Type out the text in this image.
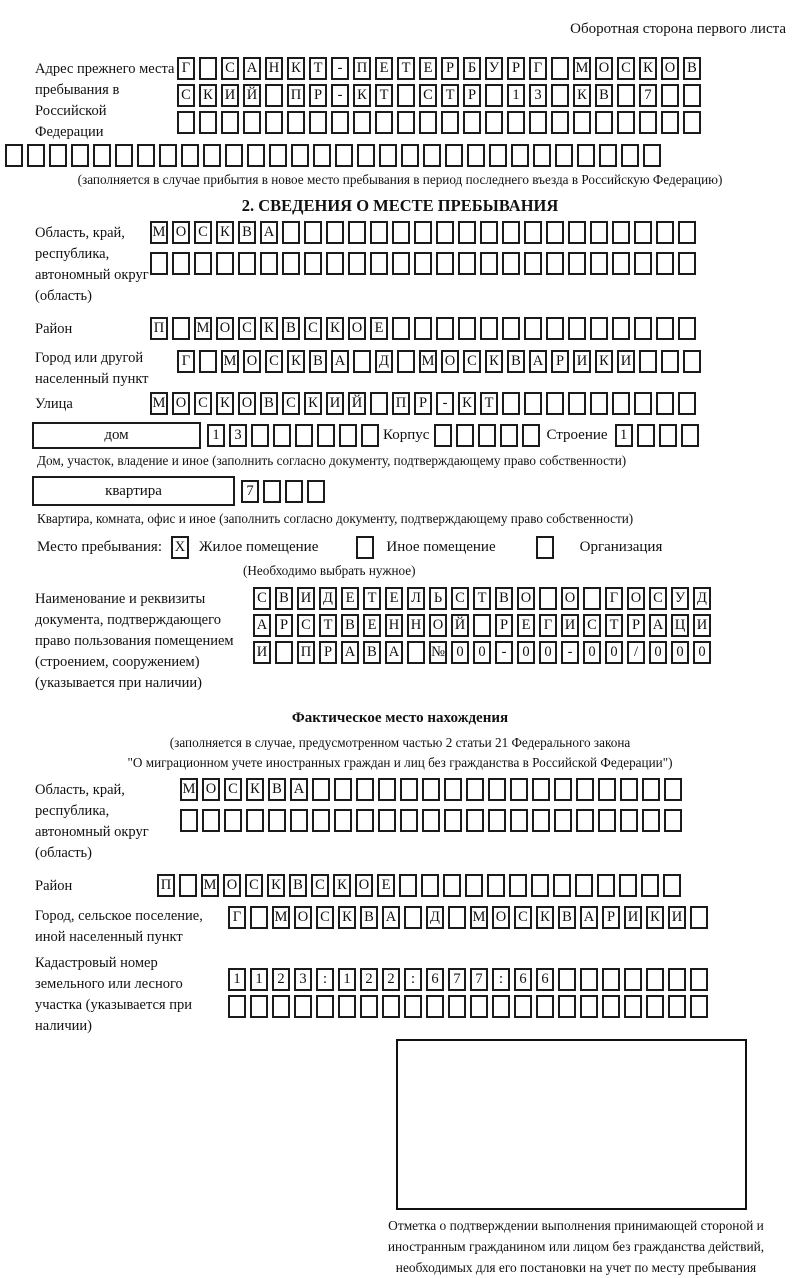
Оборотная сторона первого листа
Адрес прежнего места пребывания в Российской Федерации
Г	С А Н К Т	- П Е Т Е Р Б У Р Г	М О С К О В
С К И Й П Р	-	К Т	С Т Р	1	3	К В	7
(заполняется в случае прибытия в новое место пребывания в период последнего въезда в Российскую Федерацию)
2. СВЕДЕНИЯ О МЕСТЕ ПРЕБЫВАНИЯ
Область, край, республика, автономный округ (область)
М О С К В А
Район	П М О С К В С К О Е
Город или другой населенный пункт
Г	М О С К В А Д М О С К В А Р И К И
Улица	М О С К О В С К И Й П Р	-	К Т
дом	1	3	Корпус	Строение 1
Дом, участок, владение и иное (заполнить согласно документу, подтверждающему право собственности)
квартира	7
Квартира, комната, офис и иное (заполнить согласно документу, подтверждающему право собственности)
Место пребывания: X Жилое помещение	Иное помещение	Организация
(Необходимо выбрать нужное)
Наименование и реквизиты документа, подтверждающего право пользования помещением (строением, сооружением) (указывается при наличии)
С В И Д Е Т Е Л Ь С Т В О О	Г О С У Д
А Р С Т В Е Н Н О Й	Р Е Г И С Т Р А Ц И
И П Р А В А № 0	0	-	0	0	-	0	0	/	0	0	0
Фактическое место нахождения
(заполняется в случае, предусмотренном частью 2 статьи 21 Федерального закона
"О миграционном учете иностранных граждан и лиц без гражданства в Российской Федерации")
Область, край, республика, автономный округ (область)
М О С К В А
Район	П М О С К В С К О Е
Город, сельское поселение, иной населенный пункт
Г	М О С К В А Д М О С К В А Р И К И
Кадастровый номер земельного или лесного участка (указывается при наличии)
1	1	2	3	:	1	2	2	:	6	7	7	:	6	6
Отметка о подтверждении выполнения принимающей стороной и иностранным гражданином или лицом без гражданства действий, необходимых для его постановки на учет по месту пребывания
